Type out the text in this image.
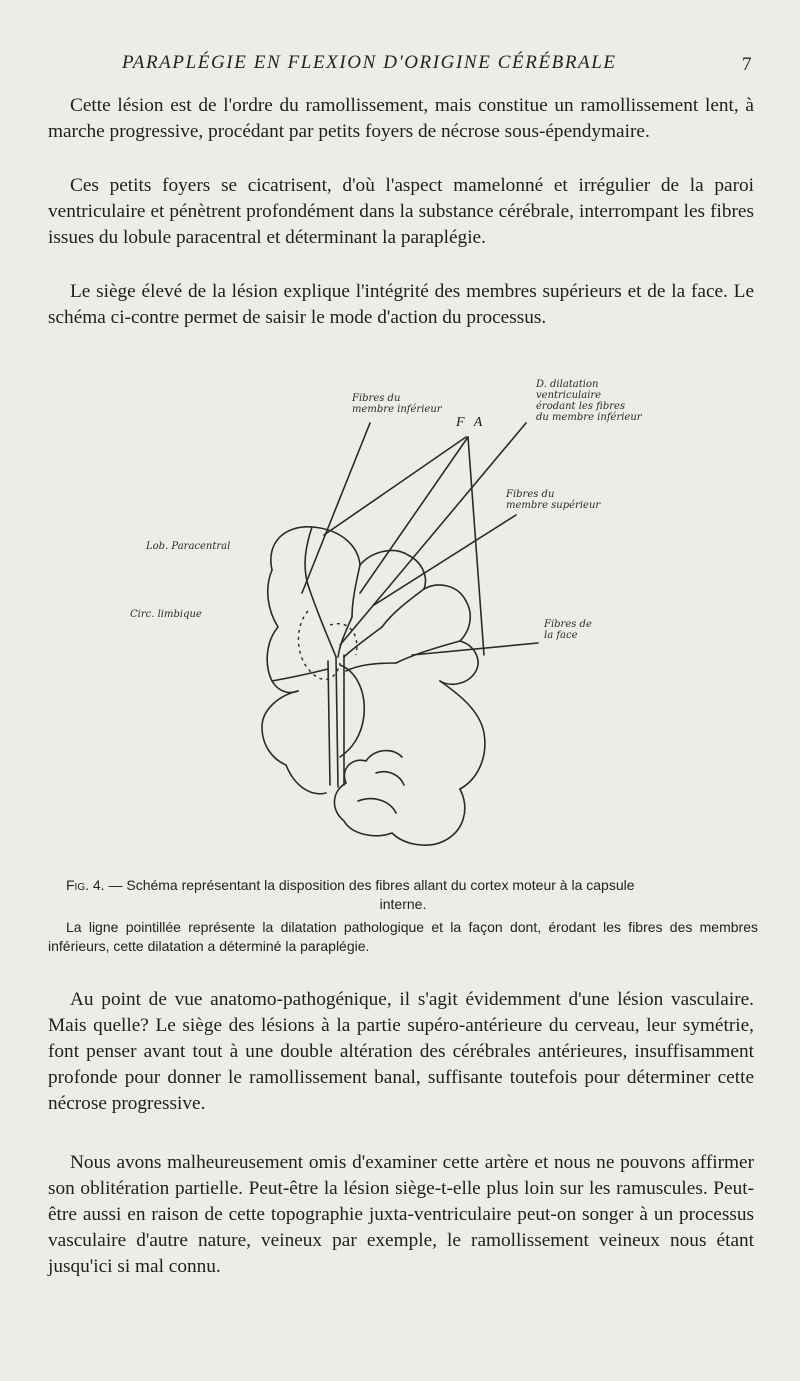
PARAPLÉGIE EN FLEXION D'ORIGINE CÉRÉBRALE	7

Cette lésion est de l'ordre du ramollissement, mais constitue un ramollissement lent, à marche progressive, procédant par petits foyers de nécrose sous-épendymaire.

Ces petits foyers se cicatrisent, d'où l'aspect mamelonné et irrégulier de la paroi ventriculaire et pénètrent profondément dans la substance cérébrale, interrompant les fibres issues du lobule paracentral et déterminant la paraplégie.

Le siège élevé de la lésion explique l'intégrité des membres supérieurs et de la face. Le schéma ci-contre permet de saisir le mode d'action du processus.

Fibres du
membre inférieur
F A
D. dilatation
ventriculaire
érodant les fibres
du membre inférieur
Fibres du
membre supérieur
Lob. Paracentral
Circ. limbique
Fibres de
la face

Fig. 4. — Schéma représentant la disposition des fibres allant du cortex moteur à la capsule

interne.

La ligne pointillée représente la dilatation pathologique et la façon dont, érodant les fibres des membres inférieurs, cette dilatation a déterminé la paraplégie.

Au point de vue anatomo-pathogénique, il s'agit évidemment d'une lésion vasculaire. Mais quelle? Le siège des lésions à la partie supéro-antérieure du cerveau, leur symétrie, font penser avant tout à une double altération des cérébrales antérieures, insuffisamment profonde pour donner le ramollissement banal, suffisante toutefois pour déterminer cette nécrose progressive.

Nous avons malheureusement omis d'examiner cette artère et nous ne pouvons affirmer son oblitération partielle. Peut-être la lésion siège-t-elle plus loin sur les ramuscules. Peut-être aussi en raison de cette topographie juxta-ventriculaire peut-on songer à un processus vasculaire d'autre nature, veineux par exemple, le ramollissement veineux nous étant jusqu'ici si mal connu.
